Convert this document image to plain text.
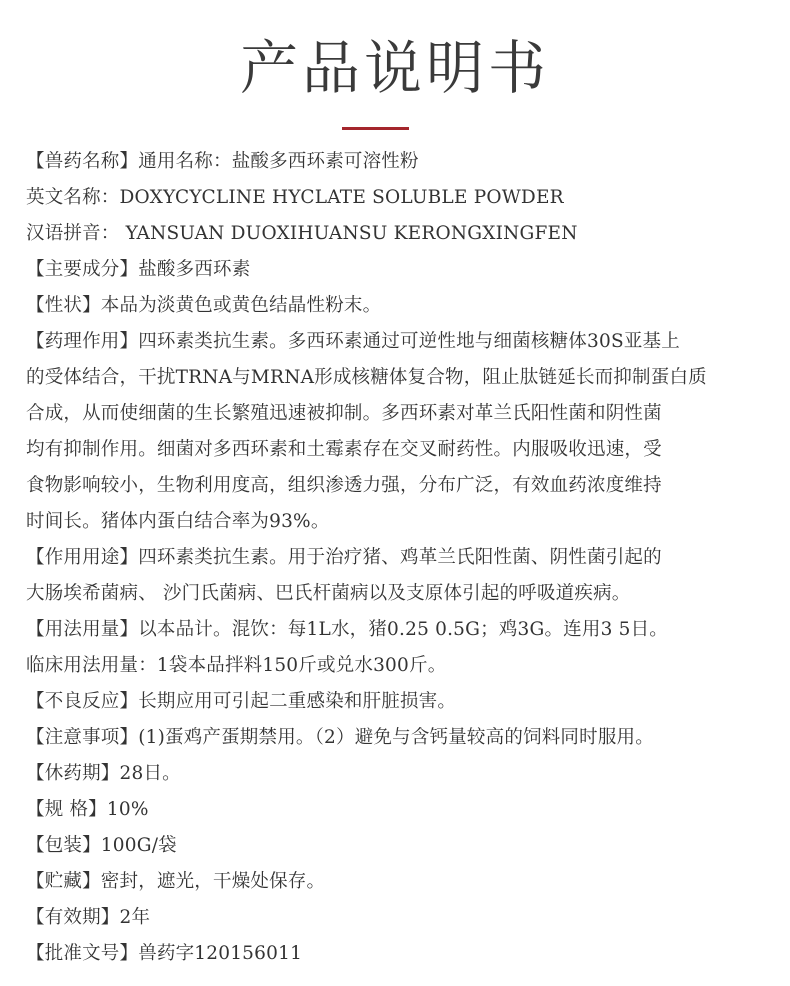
产品说明书
【兽药名称】通用名称：盐酸多西环素可溶性粉
英文名称：DOXYCYCLINE HYCLATE SOLUBLE POWDER
汉语拼音： YANSUAN DUOXIHUANSU KERONGXINGFEN
【主要成分】盐酸多西环素
【性状】本品为淡黄色或黄色结晶性粉末。
【药理作用】四环素类抗生素。多西环素通过可逆性地与细菌核糖体30S亚基上
的受体结合，干扰TRNA与MRNA形成核糖体复合物，阻止肽链延长而抑制蛋白质
合成，从而使细菌的生长繁殖迅速被抑制。多西环素对革兰氏阳性菌和阴性菌
均有抑制作用。细菌对多西环素和土霉素存在交叉耐药性。内服吸收迅速，受
食物影响较小，生物利用度高，组织渗透力强，分布广泛，有效血药浓度维持
时间长。猪体内蛋白结合率为93%。
【作用用途】四环素类抗生素。用于治疗猪、鸡革兰氏阳性菌、阴性菌引起的
大肠埃希菌病、 沙门氏菌病、巴氏杆菌病以及支原体引起的呼吸道疾病。
【用法用量】以本品计。混饮：每1L水，猪0.25 0.5G；鸡3G。连用3 5日。
临床用法用量：1袋本品拌料150斤或兑水300斤。
【不良反应】长期应用可引起二重感染和肝脏损害。
【注意事项】(1)蛋鸡产蛋期禁用。（2）避免与含钙量较高的饲料同时服用。
【休药期】28日。
【规 格】10%
【包装】100G/袋
【贮藏】密封，遮光，干燥处保存。
【有效期】2年
【批准文号】兽药字120156011
